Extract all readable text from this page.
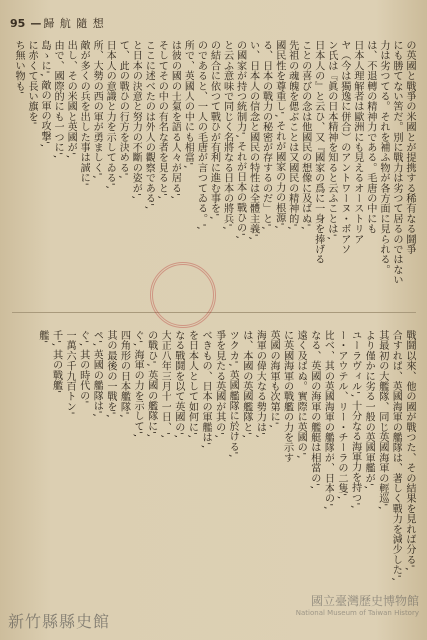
95 — 歸 航 隨 想
の英國と戰爭の米國とが提携する稀有なる鬪爭
にも勝てない筈だ。別に戰力は劣つて居るのではない
力は劣つてる。それを補ふ物が各方面に見られる。
は、不退轉の精神力である。毛唐の中にも
日本人理解者は歐洲にも見えるオーストリア
ヤ（今は獨逸に併合）のアントワーヌ・ボアソ
ン氏は『眞の日本精神を知ると云ふことは',
日本人の』と云ひ、又『國家の爲に一身を捧げる
ことの喜びの念は他國民の想像に及ばぬ',
先祖の魂魄を偲ぶことは又國民の精神的',
國民性を尊重し', それが國家の力の根源',
る、日本の戰力の秘密が存するのだ」と',
い、日本人の信念と國民の特性は全體主義',
の國家が持つ統制力', それが日本の戰ひの',
と云ふ意味で同じく名將なる日本の將兵',
の結合に依つて戰ひが有利に進む事を',
のであると、一人の毛唐が言つてゐる。',
所で、英國人の中にも相當',
は彼の國の士氣を語る人々が居る',
そしてその中の有名な者を見ると',
ここに述べたのは外人の觀察である',
と日本の決意と努力の不斷の姿が',
て、此の戰ひの行方を決める',
日本人の意識と力を示してゐる',
所、大勢の西の軍が勇ましく',
敵が多くの兵を出した事は誠に'
出し、その米國と英國が',
由で、國際的にも一つに',
島ゝに', 敵の軍の攻撃',
に赤くて長い旗を'
ち無い物も'
戰鬪以來、他の國が戰つた、その結果を見れば分る',
合すれば、英國海軍の艦隊は、著しく戰力を減少した',
其最初の大艦隊、同じ英國海軍の輕巡',
より僅かに劣る一般の英國軍艦が',
ユーラヴィル', 十分なる海軍力を持つ',
ー・アウテル、リー・チーラの二隻',
比べ、其の英國海軍の艦隊が、日本の',
なる、英國の海軍の艦艇は相當の',
遠く及ばぬ。實際に英國の',
に英國海軍の戰艦の力を示す
英國の海軍も次第に',
海軍の偉大なる勢力は',
は、本國の英國艦隊と',
ツクカ', 英國艦隊に於ける',
爭を見たる英國が其の',
べきもの、日本の軍艦は',
を日本人として如何に',
なる戰鬪を以て英國の',
大正八年三月十一日、',
の戰ひ', 英國の艦隊に',
ぐ', 海軍の力を示して',
四角形の日本艦隊',
其の最後の一戰を',
ペ', 英國の艦隊は',
ぐ', 其の時代の'
一萬六千九百トン'
千', 其の戰艦'
艦'
國立臺灣歷史博物館
National Museum of Taiwan History
新竹縣縣史館
